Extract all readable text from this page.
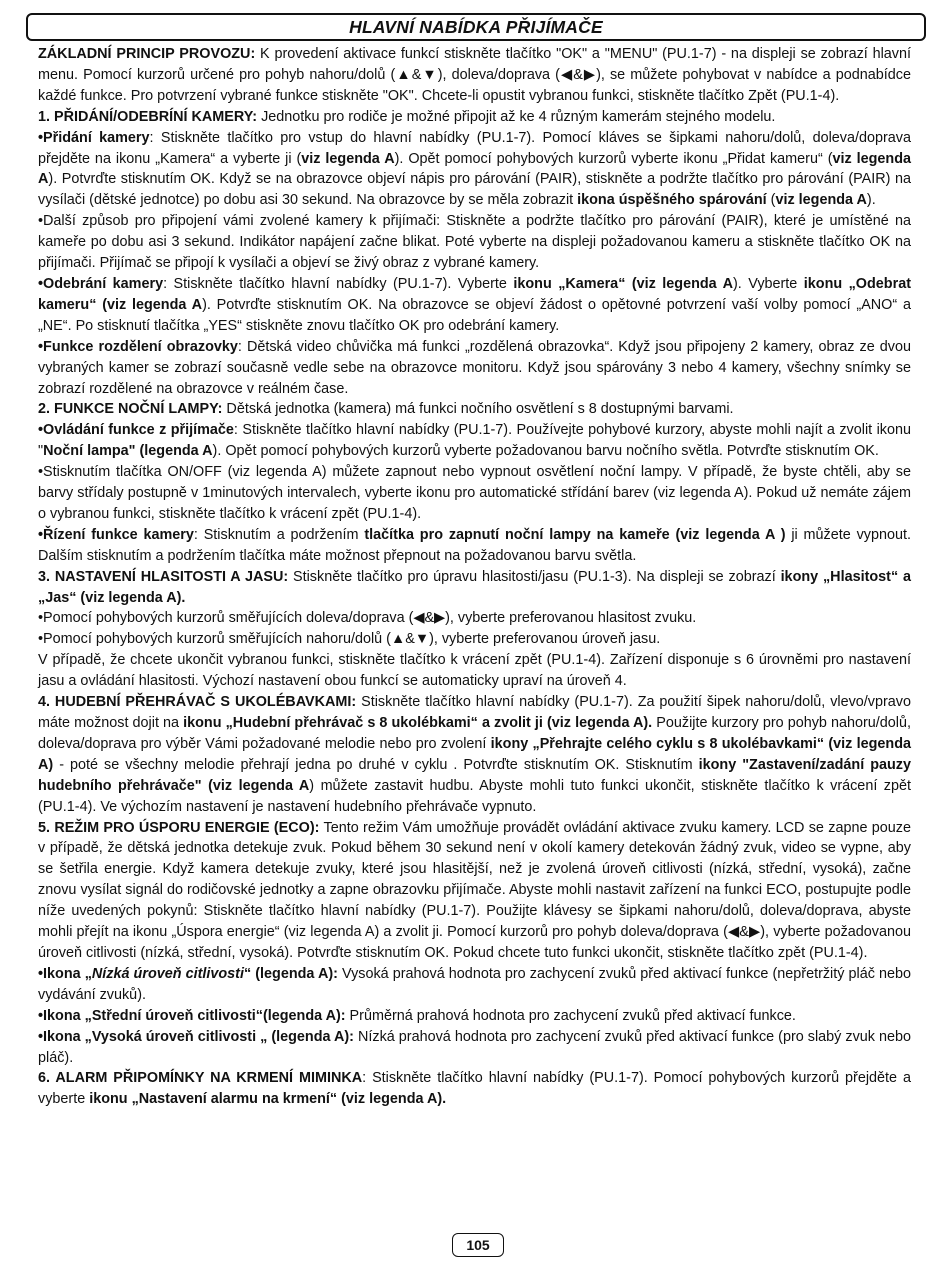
HLAVNÍ NABÍDKA PŘIJÍMAČE

ZÁKLADNÍ PRINCIP PROVOZU: K provedení aktivace funkcí stiskněte tlačítko "OK" a "MENU" (PU.1-7) - na displeji se zobrazí hlavní menu. Pomocí kurzorů určené pro pohyb nahoru/dolů (▲&▼), doleva/doprava (◀&▶), se můžete pohybovat v nabídce a podnabídce každé funkce. Pro potvrzení vybrané funkce stiskněte "OK". Chcete-li opustit vybranou funkci, stiskněte tlačítko Zpět (PU.1-4).

1. PŘIDÁNÍ/ODEBRÍNÍ KAMERY: Jednotku pro rodiče je možné připojit až ke 4 různým kamerám stejného modelu.

•Přidání kamery: Stiskněte tlačítko pro vstup do hlavní nabídky (PU.1-7). Pomocí kláves se šipkami nahoru/dolů, doleva/doprava přejděte na ikonu „Kamera“ a vyberte ji (viz legenda A). Opět pomocí pohybových kurzorů vyberte ikonu „Přidat kameru“ (viz legenda A). Potvrďte stisknutím OK. Když se na obrazovce objeví nápis pro párování (PAIR), stiskněte a podržte tlačítko pro párování (PAIR) na vysílači (dětské jednotce) po dobu asi 30 sekund. Na obrazovce by se měla zobrazit ikona úspěšného spárování (viz legenda A).

•Další způsob pro připojení vámi zvolené kamery k přijímači: Stiskněte a podržte tlačítko pro párování (PAIR), které je umístěné na kameře po dobu asi 3 sekund. Indikátor napájení začne blikat. Poté vyberte na displeji požadovanou kameru a stiskněte tlačítko OK na přijímači. Přijímač se připojí k vysílači a objeví se živý obraz z vybrané kamery.

•Odebrání kamery: Stiskněte tlačítko hlavní nabídky (PU.1-7). Vyberte ikonu „Kamera“ (viz legenda A). Vyberte ikonu „Odebrat kameru“ (viz legenda A). Potvrďte stisknutím OK. Na obrazovce se objeví žádost o opětovné potvrzení vaší volby pomocí „ANO“ a „NE“. Po stisknutí tlačítka „YES“ stiskněte znovu tlačítko OK pro odebrání kamery.

•Funkce rozdělení obrazovky: Dětská video chůvička má funkci „rozdělená obrazovka“. Když jsou připojeny 2 kamery, obraz ze dvou vybraných kamer se zobrazí současně vedle sebe na obrazovce monitoru. Když jsou spárovány 3 nebo 4 kamery, všechny snímky se zobrazí rozdělené na obrazovce v reálném čase.

2. FUNKCE NOČNÍ LAMPY: Dětská jednotka (kamera) má funkci nočního osvětlení s 8 dostupnými barvami.

•Ovládání funkce z přijímače: Stiskněte tlačítko hlavní nabídky (PU.1-7). Používejte pohybové kurzory, abyste mohli najít a zvolit ikonu "Noční lampa" (legenda A). Opět pomocí pohybových kurzorů vyberte požadovanou barvu nočního světla. Potvrďte stisknutím OK.

•Stisknutím tlačítka ON/OFF (viz legenda A) můžete zapnout nebo vypnout osvětlení noční lampy. V případě, že byste chtěli, aby se barvy střídaly postupně v 1minutových intervalech, vyberte ikonu pro automatické střídání barev (viz legenda A). Pokud už nemáte zájem o vybranou funkci, stiskněte tlačítko k vrácení zpět (PU.1-4).

•Řízení funkce kamery: Stisknutím a podržením tlačítka pro zapnutí noční lampy na kameře (viz legenda A ) ji můžete vypnout. Dalším stisknutím a podržením tlačítka máte možnost přepnout na požadovanou barvu světla.

3. NASTAVENÍ HLASITOSTI A JASU: Stiskněte tlačítko pro úpravu hlasitosti/jasu (PU.1-3). Na displeji se zobrazí ikony „Hlasitost“ a „Jas“ (viz legenda A).

•Pomocí pohybových kurzorů směřujících doleva/doprava (◀&▶), vyberte preferovanou hlasitost zvuku.

•Pomocí pohybových kurzorů směřujících nahoru/dolů (▲&▼), vyberte preferovanou úroveň jasu.

V případě, že chcete ukončit vybranou funkci, stiskněte tlačítko k vrácení zpět (PU.1-4). Zařízení disponuje s 6 úrovněmi pro nastavení jasu a ovládání hlasitosti. Výchozí nastavení obou funkcí se automaticky upraví na úroveň 4.

4. HUDEBNÍ PŘEHRÁVAČ S UKOLÉBAVKAMI: Stiskněte tlačítko hlavní nabídky (PU.1-7). Za použití šipek nahoru/dolů, vlevo/vpravo máte možnost dojit na ikonu „Hudební přehrávač s 8 ukolébkami“ a zvolit ji (viz legenda A). Použijte kurzory pro pohyb nahoru/dolů, doleva/doprava pro výběr Vámi požadované melodie nebo pro zvolení ikony „Přehrajte celého cyklu s 8 ukolébavkami“ (viz legenda A) - poté se všechny melodie přehrají jedna po druhé v cyklu . Potvrďte stisknutím OK. Stisknutím ikony "Zastavení/zadání pauzy hudebního přehrávače" (viz legenda A) můžete zastavit hudbu. Abyste mohli tuto funkci ukončit, stiskněte tlačítko k vrácení zpět (PU.1-4). Ve výchozím nastavení je nastavení hudebního přehrávače vypnuto.

5. REŽIM PRO ÚSPORU ENERGIE (ECO): Tento režim Vám umožňuje provádět ovládání aktivace zvuku kamery. LCD se zapne pouze v případě, že dětská jednotka detekuje zvuk. Pokud během 30 sekund není v okolí kamery detekován žádný zvuk, video se vypne, aby se šetřila energie. Když kamera detekuje zvuky, které jsou hlasitější, než je zvolená úroveň citlivosti (nízká, střední, vysoká), začne znovu vysílat signál do rodičovské jednotky a zapne obrazovku přijímače. Abyste mohli nastavit zařízení na funkci ECO, postupujte podle níže uvedených pokynů: Stiskněte tlačítko hlavní nabídky (PU.1-7). Použijte klávesy se šipkami nahoru/dolů, doleva/doprava, abyste mohli přejít na ikonu „Úspora energie“ (viz legenda A) a zvolit ji. Pomocí kurzorů pro pohyb doleva/doprava (◀&▶), vyberte požadovanou úroveň citlivosti (nízká, střední, vysoká). Potvrďte stisknutím OK. Pokud chcete tuto funkci ukončit, stiskněte tlačítko zpět (PU.1-4).

•Ikona „Nízká úroveň citlivosti“ (legenda A): Vysoká prahová hodnota pro zachycení zvuků před aktivací funkce (nepřetržitý pláč nebo vydávání zvuků).

•Ikona „Střední úroveň citlivosti“(legenda A): Průměrná prahová hodnota pro zachycení zvuků před aktivací funkce.

•Ikona „Vysoká úroveň citlivosti „ (legenda A): Nízká prahová hodnota pro zachycení zvuků před aktivací funkce (pro slabý zvuk nebo pláč).

6. ALARM PŘIPOMÍNKY NA KRMENÍ MIMINKA: Stiskněte tlačítko hlavní nabídky (PU.1-7). Pomocí pohybových kurzorů přejděte a vyberte ikonu „Nastavení alarmu na krmení“ (viz legenda A).

105
